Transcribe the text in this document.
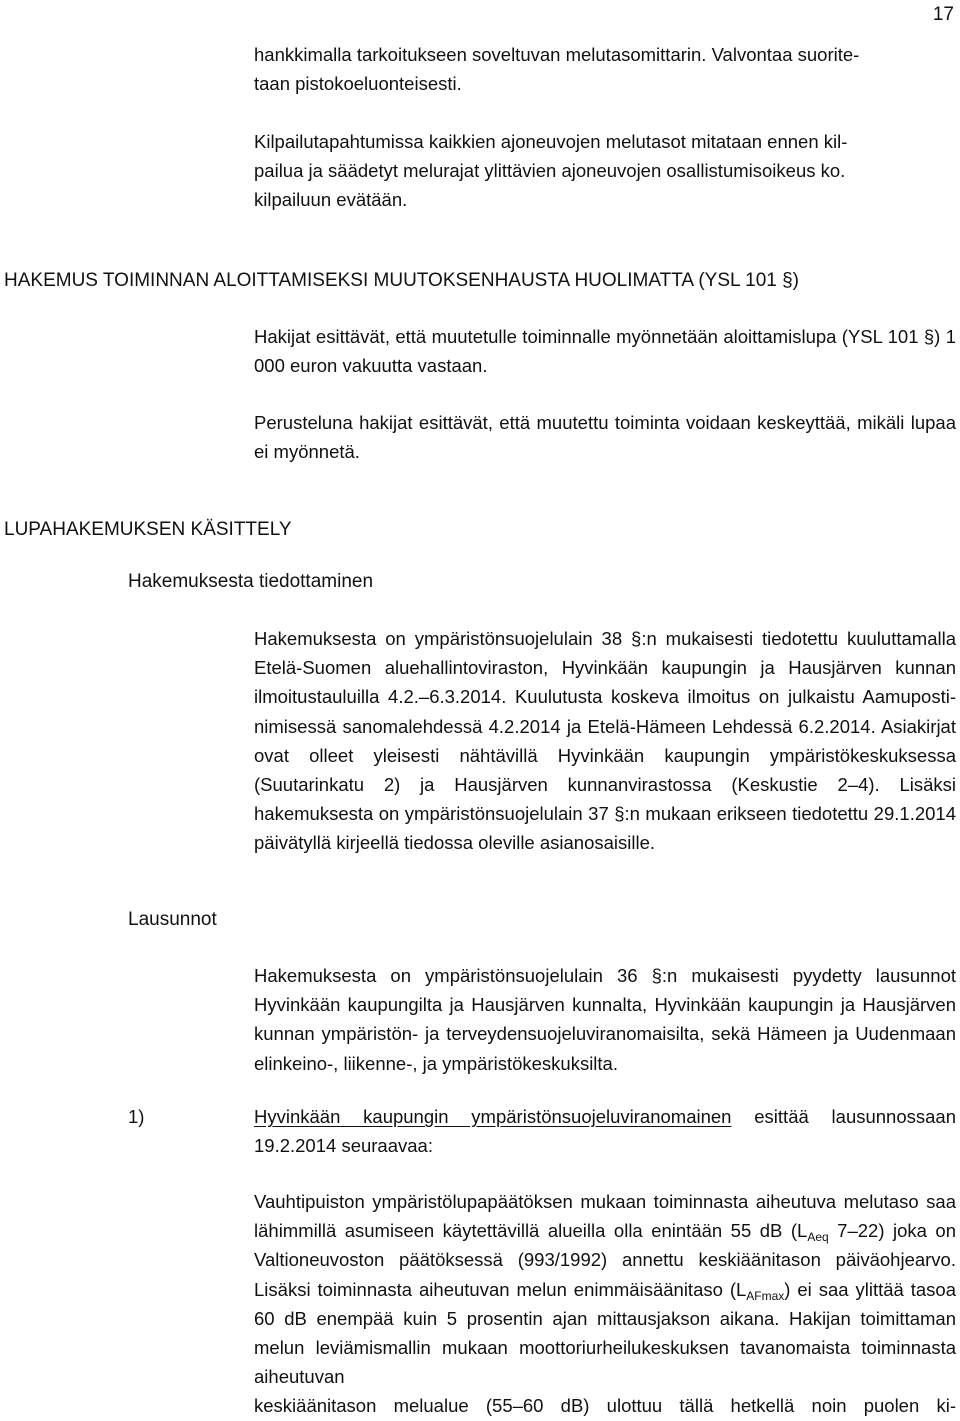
17
hankkimalla tarkoitukseen soveltuvan melutasomittarin. Valvontaa suorite-
taan pistokoeluonteisesti.
Kilpailutapahtumissa kaikkien ajoneuvojen melutasot mitataan ennen kil-
pailua ja säädetyt melurajat ylittävien ajoneuvojen osallistumisoikeus ko.
kilpailuun evätään.
HAKEMUS TOIMINNAN ALOITTAMISEKSI MUUTOKSENHAUSTA HUOLIMATTA (YSL 101 §)
Hakijat esittävät, että muutetulle toiminnalle myönnetään aloittamislupa (YSL 101 §) 1 000 euron vakuutta vastaan.
Perusteluna hakijat esittävät, että muutettu toiminta voidaan keskeyttää, mikäli lupaa ei myönnetä.
LUPAHAKEMUKSEN KÄSITTELY
Hakemuksesta tiedottaminen
Hakemuksesta on ympäristönsuojelulain 38 §:n mukaisesti tiedotettu kuuluttamalla Etelä-Suomen aluehallintoviraston, Hyvinkään kaupungin ja Hausjärven kunnan ilmoitustauluilla 4.2.–6.3.2014. Kuulutusta koskeva ilmoitus on julkaistu Aamuposti-nimisessä sanomalehdessä 4.2.2014 ja Etelä-Hämeen Lehdessä 6.2.2014. Asiakirjat ovat olleet yleisesti nähtävillä Hyvinkään kaupungin ympäristökeskuksessa (Suutarinkatu 2) ja Hausjärven kunnanvirastossa (Keskustie 2–4). Lisäksi hakemuksesta on ympäristönsuojelulain 37 §:n mukaan erikseen tiedotettu 29.1.2014 päivätyllä kirjeellä tiedossa oleville asianosaisille.
Lausunnot
Hakemuksesta on ympäristönsuojelulain 36 §:n mukaisesti pyydetty lausunnot Hyvinkään kaupungilta ja Hausjärven kunnalta, Hyvinkään kaupungin ja Hausjärven kunnan ympäristön- ja terveydensuojeluviranomaisilta, sekä Hämeen ja Uudenmaan elinkeino-, liikenne-, ja ympäristökeskuksilta.
1)	Hyvinkään kaupungin ympäristönsuojeluviranomainen esittää lausunnossaan 19.2.2014 seuraavaa:
Vauhtipuiston ympäristölupapäätöksen mukaan toiminnasta aiheutuva melutaso saa lähimmillä asumiseen käytettävillä alueilla olla enintään 55 dB ($L_{Aeq}$ 7–22) joka on Valtioneuvoston päätöksessä (993/1992) annettu keskiäänitason päiväohjearvo. Lisäksi toiminnasta aiheutuvan melun enimmäisäänitaso $(L_{AFmax})$ ei saa ylittää tasoa 60 dB enempää kuin 5 prosentin ajan mittausjakson aikana. Hakijan toimittaman melun leviämismallin mukaan moottoriurheilukeskuksen tavanomaista toiminnasta aiheutuvan
keskiäänitason melualue (55–60 dB) ulottuu tällä hetkellä noin puolen ki-
